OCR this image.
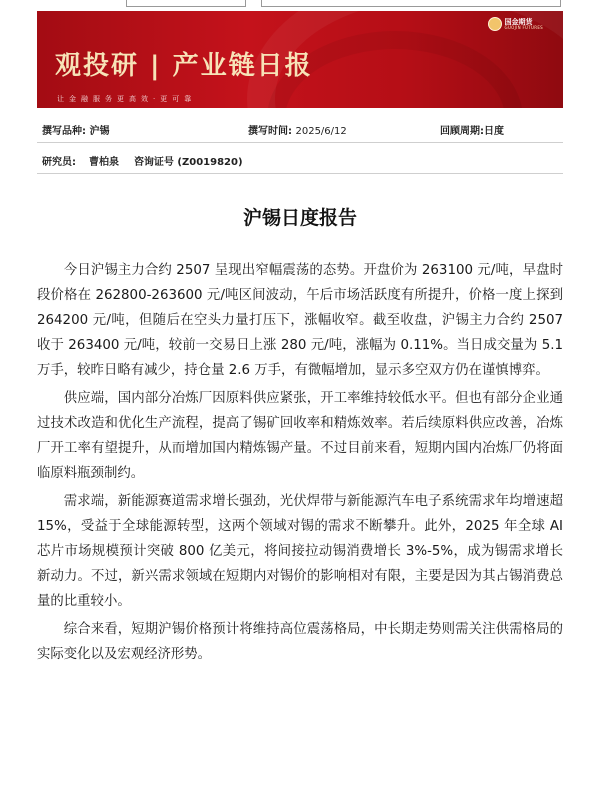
国金期货
GUOJIN FUTURES
观投研 | 产业链日报
让金融服务更高效·更可靠
撰写品种: 沪锡	撰写时间: 2025/6/12	回顾周期:日度
研究员: 曹柏泉 咨询证号 (Z0019820)
沪锡日度报告

今日沪锡主力合约 2507 呈现出窄幅震荡的态势。开盘价为 263100 元/吨，早盘时段价格在 262800-263600 元/吨区间波动，午后市场活跃度有所提升，价格一度上探到 264200 元/吨，但随后在空头力量打压下，涨幅收窄。截至收盘，沪锡主力合约 2507 收于 263400 元/吨，较前一交易日上涨 280 元/吨，涨幅为 0.11%。当日成交量为 5.1 万手，较昨日略有减少，持仓量 2.6 万手，有微幅增加，显示多空双方仍在谨慎博弈。

供应端，国内部分冶炼厂因原料供应紧张，开工率维持较低水平。但也有部分企业通过技术改造和优化生产流程，提高了锡矿回收率和精炼效率。若后续原料供应改善，冶炼厂开工率有望提升，从而增加国内精炼锡产量。不过目前来看，短期内国内冶炼厂仍将面临原料瓶颈制约。

需求端，新能源赛道需求增长强劲，光伏焊带与新能源汽车电子系统需求年均增速超 15%，受益于全球能源转型，这两个领域对锡的需求不断攀升。此外，2025 年全球 AI 芯片市场规模预计突破 800 亿美元，将间接拉动锡消费增长 3%-5%，成为锡需求增长新动力。不过，新兴需求领域在短期内对锡价的影响相对有限，主要是因为其占锡消费总量的比重较小。

综合来看，短期沪锡价格预计将维持高位震荡格局，中长期走势则需关注供需格局的实际变化以及宏观经济形势。
